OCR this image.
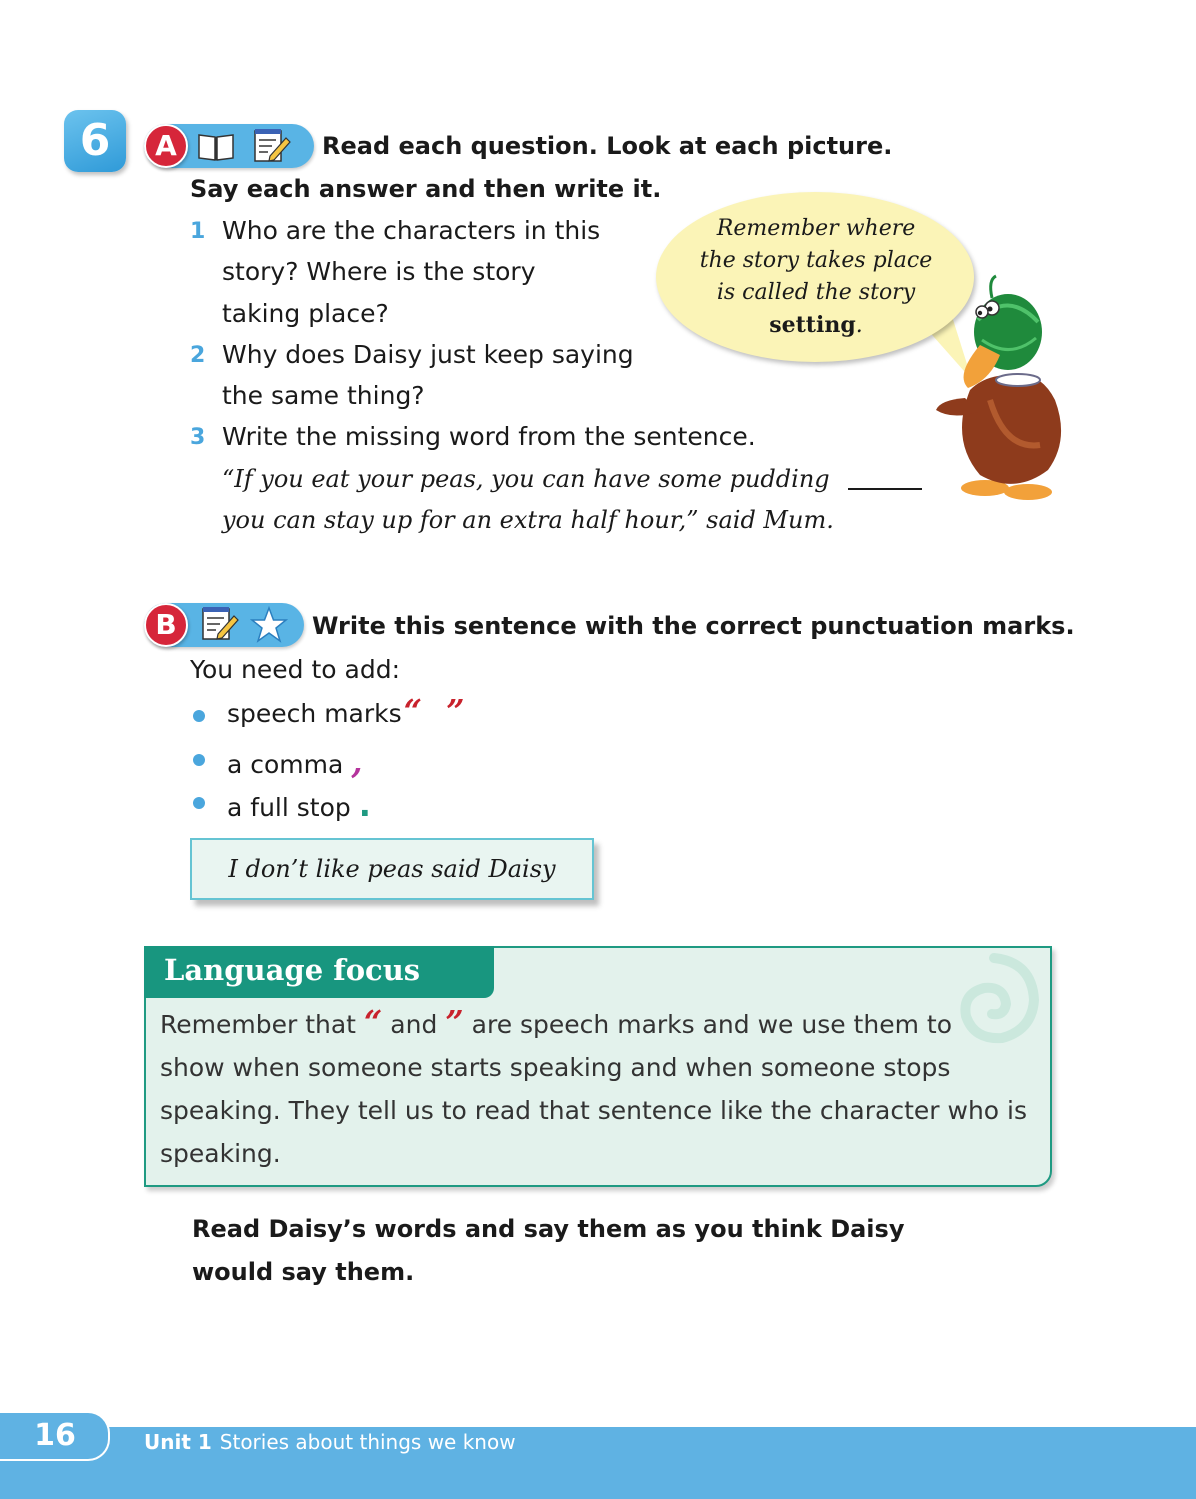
6	A	Read each question. Look at each picture.
Say each answer and then write it.
1 Who are the characters in this
story? Where is the story
taking place?
2 Why does Daisy just keep saying
the same thing?
3 Write the missing word from the sentence.
“If you eat your peas, you can have some pudding
you can stay up for an extra half hour,” said Mum.
Remember where
the story takes place
is called the story
setting.
B	Write this sentence with the correct punctuation marks.
You need to add:
speech marks“ ”
a comma ,
a full stop .
I don’t like peas said Daisy
Language focus
Remember that “ and ” are speech marks and we use them to
show when someone starts speaking and when someone stops
speaking. They tell us to read that sentence like the character who is
speaking.
Read Daisy’s words and say them as you think Daisy
would say them.
16	Unit 1 Stories about things we know
